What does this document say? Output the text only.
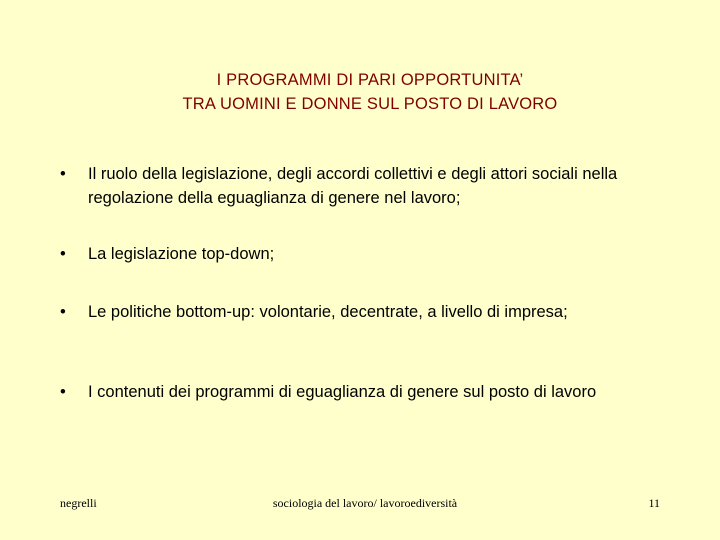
I PROGRAMMI DI PARI OPPORTUNITA’
TRA UOMINI E DONNE SUL POSTO DI LAVORO
• Il ruolo della legislazione, degli accordi collettivi e degli attori sociali nella regolazione della eguaglianza di genere nel lavoro;
• La legislazione top-down;
• Le politiche bottom-up: volontarie, decentrate, a livello di impresa;
• I contenuti dei programmi di eguaglianza di genere sul posto di lavoro
negrelli	sociologia del lavoro/ lavoroediversità	11
